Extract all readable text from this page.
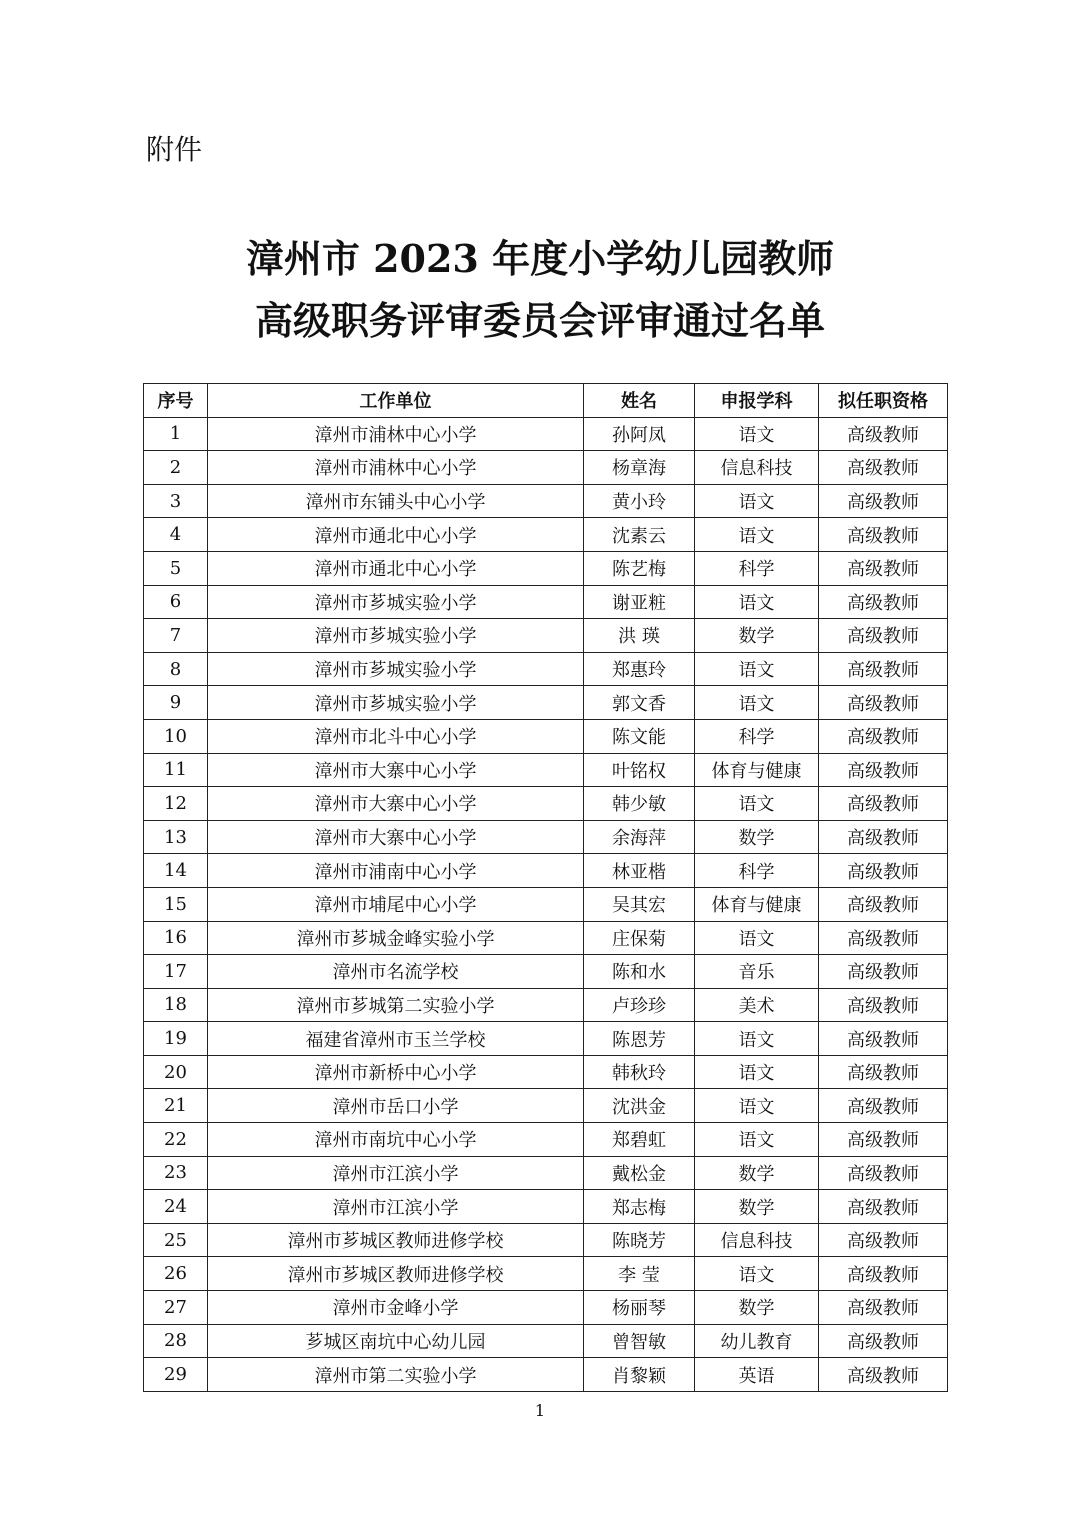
附件
漳州市 2023 年度小学幼儿园教师
高级职务评审委员会评审通过名单
序号	工作单位	姓名	申报学科	拟任职资格
1	漳州市浦林中心小学	孙阿凤	语文	高级教师
2	漳州市浦林中心小学	杨章海	信息科技	高级教师
3	漳州市东铺头中心小学	黄小玲	语文	高级教师
4	漳州市通北中心小学	沈素云	语文	高级教师
5	漳州市通北中心小学	陈艺梅	科学	高级教师
6	漳州市芗城实验小学	谢亚粧	语文	高级教师
7	漳州市芗城实验小学	洪 瑛	数学	高级教师
8	漳州市芗城实验小学	郑惠玲	语文	高级教师
9	漳州市芗城实验小学	郭文香	语文	高级教师
10	漳州市北斗中心小学	陈文能	科学	高级教师
11	漳州市大寨中心小学	叶铭权	体育与健康	高级教师
12	漳州市大寨中心小学	韩少敏	语文	高级教师
13	漳州市大寨中心小学	余海萍	数学	高级教师
14	漳州市浦南中心小学	林亚楷	科学	高级教师
15	漳州市埔尾中心小学	吴其宏	体育与健康	高级教师
16	漳州市芗城金峰实验小学	庄保菊	语文	高级教师
17	漳州市名流学校	陈和水	音乐	高级教师
18	漳州市芗城第二实验小学	卢珍珍	美术	高级教师
19	福建省漳州市玉兰学校	陈恩芳	语文	高级教师
20	漳州市新桥中心小学	韩秋玲	语文	高级教师
21	漳州市岳口小学	沈洪金	语文	高级教师
22	漳州市南坑中心小学	郑碧虹	语文	高级教师
23	漳州市江滨小学	戴松金	数学	高级教师
24	漳州市江滨小学	郑志梅	数学	高级教师
25	漳州市芗城区教师进修学校	陈晓芳	信息科技	高级教师
26	漳州市芗城区教师进修学校	李 莹	语文	高级教师
27	漳州市金峰小学	杨丽琴	数学	高级教师
28	芗城区南坑中心幼儿园	曾智敏	幼儿教育	高级教师
29	漳州市第二实验小学	肖黎颖	英语	高级教师
1
